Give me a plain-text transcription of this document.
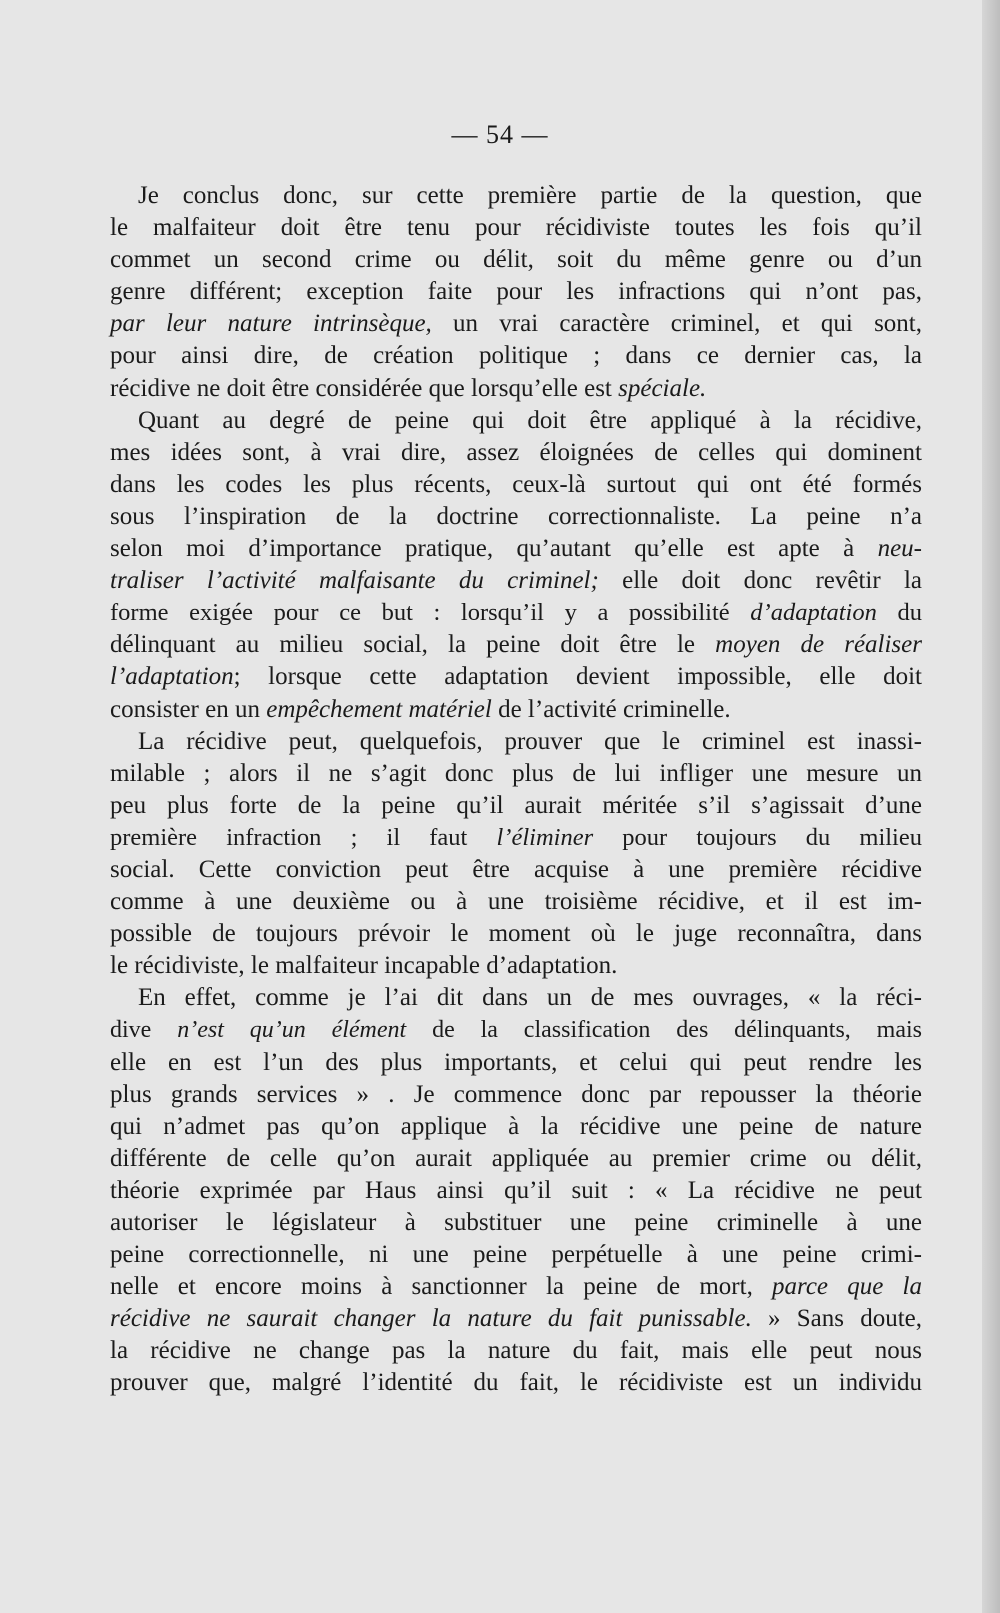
— 54 —
Je conclus donc, sur cette première partie de la question, que
le malfaiteur doit être tenu pour récidiviste toutes les fois qu’il
commet un second crime ou délit, soit du même genre ou d’un
genre différent; exception faite pour les infractions qui n’ont pas,
par leur nature intrinsèque, un vrai caractère criminel, et qui sont,
pour ainsi dire, de création politique ; dans ce dernier cas, la
récidive ne doit être considérée que lorsqu’elle est spéciale.
Quant au degré de peine qui doit être appliqué à la récidive,
mes idées sont, à vrai dire, assez éloignées de celles qui dominent
dans les codes les plus récents, ceux-là surtout qui ont été formés
sous l’inspiration de la doctrine correctionnaliste. La peine n’a
selon moi d’importance pratique, qu’autant qu’elle est apte à neu-
traliser l’activité malfaisante du criminel; elle doit donc revêtir la
forme exigée pour ce but : lorsqu’il y a possibilité d’adaptation du
délinquant au milieu social, la peine doit être le moyen de réaliser
l’adaptation; lorsque cette adaptation devient impossible, elle doit
consister en un empêchement matériel de l’activité criminelle.
La récidive peut, quelquefois, prouver que le criminel est inassi-
milable ; alors il ne s’agit donc plus de lui infliger une mesure un
peu plus forte de la peine qu’il aurait méritée s’il s’agissait d’une
première infraction ; il faut l’éliminer pour toujours du milieu
social. Cette conviction peut être acquise à une première récidive
comme à une deuxième ou à une troisième récidive, et il est im-
possible de toujours prévoir le moment où le juge reconnaîtra, dans
le récidiviste, le malfaiteur incapable d’adaptation.
En effet, comme je l’ai dit dans un de mes ouvrages, « la réci-
dive n’est qu’un élément de la classification des délinquants, mais
elle en est l’un des plus importants, et celui qui peut rendre les
plus grands services » . Je commence donc par repousser la théorie
qui n’admet pas qu’on applique à la récidive une peine de nature
différente de celle qu’on aurait appliquée au premier crime ou délit,
théorie exprimée par Haus ainsi qu’il suit : « La récidive ne peut
autoriser le législateur à substituer une peine criminelle à une
peine correctionnelle, ni une peine perpétuelle à une peine crimi-
nelle et encore moins à sanctionner la peine de mort, parce que la
récidive ne saurait changer la nature du fait punissable. » Sans doute,
la récidive ne change pas la nature du fait, mais elle peut nous
prouver que, malgré l’identité du fait, le récidiviste est un individu
